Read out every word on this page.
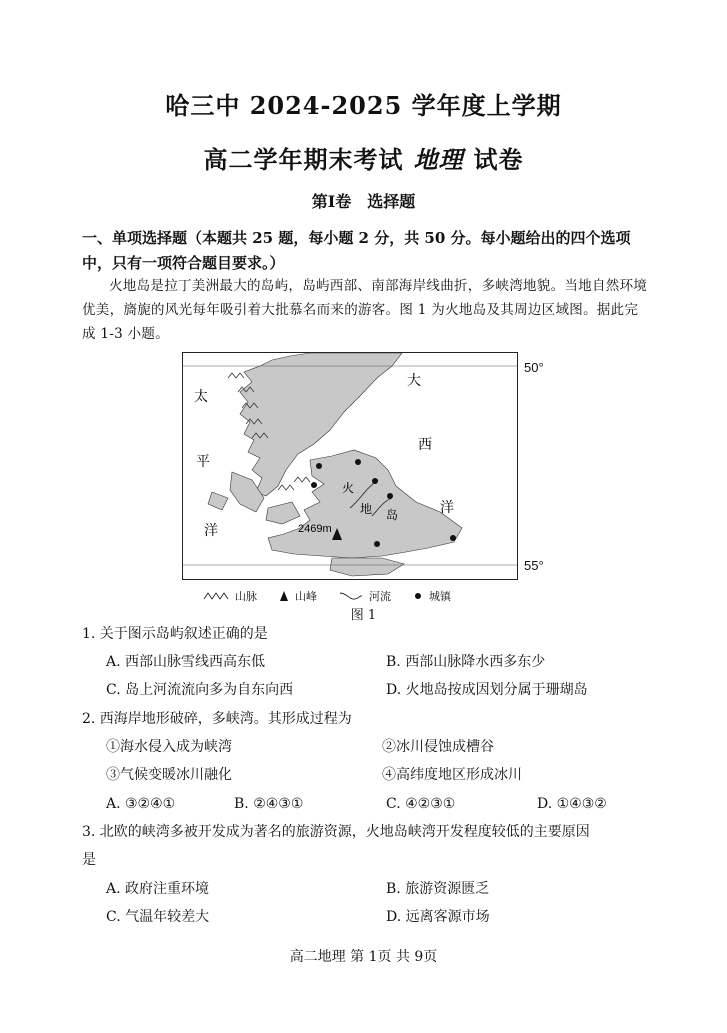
哈三中 2024-2025 学年度上学期
高二学年期末考试 地理 试卷
第Ⅰ卷　选择题
一、单项选择题（本题共 25 题，每小题 2 分，共 50 分。每小题给出的四个选项中，只有一项符合题目要求。）
火地岛是拉丁美洲最大的岛屿，岛屿西部、南部海岸线曲折，多峡湾地貌。当地自然环境优美，旖旎的风光每年吸引着大批慕名而来的游客。图 1 为火地岛及其周边区域图。据此完成 1-3 小题。
太
平
洋
大
西
洋
火
地 岛
2469m
50°
55°
山脉	山峰	河流	城镇
图 1
1. 关于图示岛屿叙述正确的是
A. 西部山脉雪线西高东低	B. 西部山脉降水西多东少
C. 岛上河流流向多为自东向西	D. 火地岛按成因划分属于珊瑚岛
2. 西海岸地形破碎，多峡湾。其形成过程为
①海水侵入成为峡湾	②冰川侵蚀成槽谷
③气候变暖冰川融化	④高纬度地区形成冰川
A. ③②④①	B. ②④③①	C. ④②③①	D. ①④③②
3. 北欧的峡湾多被开发成为著名的旅游资源，火地岛峡湾开发程度较低的主要原因
是
A. 政府注重环境	B. 旅游资源匮乏
C. 气温年较差大	D. 远离客源市场
高二地理 第 1页 共 9页
